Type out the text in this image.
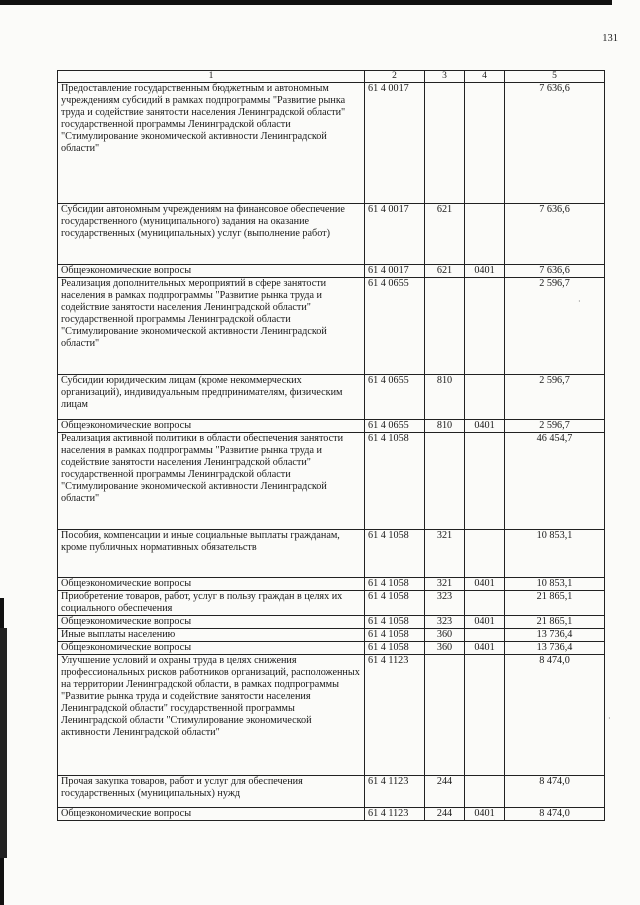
131
1	2	3	4	5
Предоставление государственным бюджетным и автономным учреждениям субсидий в рамках подпрограммы "Развитие рынка труда и содействие занятости населения Ленинградской области" государственной программы Ленинградской области "Стимулирование экономической активности Ленинградской области"	61 4 0017			7 636,6
Субсидии автономным учреждениям на финансовое обеспечение государственного (муниципального) задания на оказание государственных (муниципальных) услуг (выполнение работ)	61 4 0017	621		7 636,6
Общеэкономические вопросы	61 4 0017	621	0401	7 636,6
Реализация дополнительных мероприятий в сфере занятости населения в рамках подпрограммы "Развитие рынка труда и содействие занятости населения Ленинградской области" государственной программы Ленинградской области "Стимулирование экономической активности Ленинградской области"	61 4 0655			2 596,7
Субсидии юридическим лицам (кроме некоммерческих организаций), индивидуальным предпринимателям, физическим лицам	61 4 0655	810		2 596,7
Общеэкономические вопросы	61 4 0655	810	0401	2 596,7
Реализация активной политики в области обеспечения занятости населения в рамках подпрограммы "Развитие рынка труда и содействие занятости населения Ленинградской области" государственной программы Ленинградской области "Стимулирование экономической активности Ленинградской области"	61 4 1058			46 454,7
Пособия, компенсации и иные социальные выплаты гражданам, кроме публичных нормативных обязательств	61 4 1058	321		10 853,1
Общеэкономические вопросы	61 4 1058	321	0401	10 853,1
Приобретение товаров, работ, услуг в пользу граждан в целях их социального обеспечения	61 4 1058	323		21 865,1
Общеэкономические вопросы	61 4 1058	323	0401	21 865,1
Иные выплаты населению	61 4 1058	360		13 736,4
Общеэкономические вопросы	61 4 1058	360	0401	13 736,4
Улучшение условий и охраны труда в целях снижения профессиональных рисков работников организаций, расположенных на территории Ленинградской области, в рамках подпрограммы "Развитие рынка труда и содействие занятости населения Ленинградской области" государственной программы Ленинградской области "Стимулирование экономической активности Ленинградской области"	61 4 1123			8 474,0
Прочая закупка товаров, работ и услуг для обеспечения государственных (муниципальных) нужд	61 4 1123	244		8 474,0
Общеэкономические вопросы	61 4 1123	244	0401	8 474,0
·
·
